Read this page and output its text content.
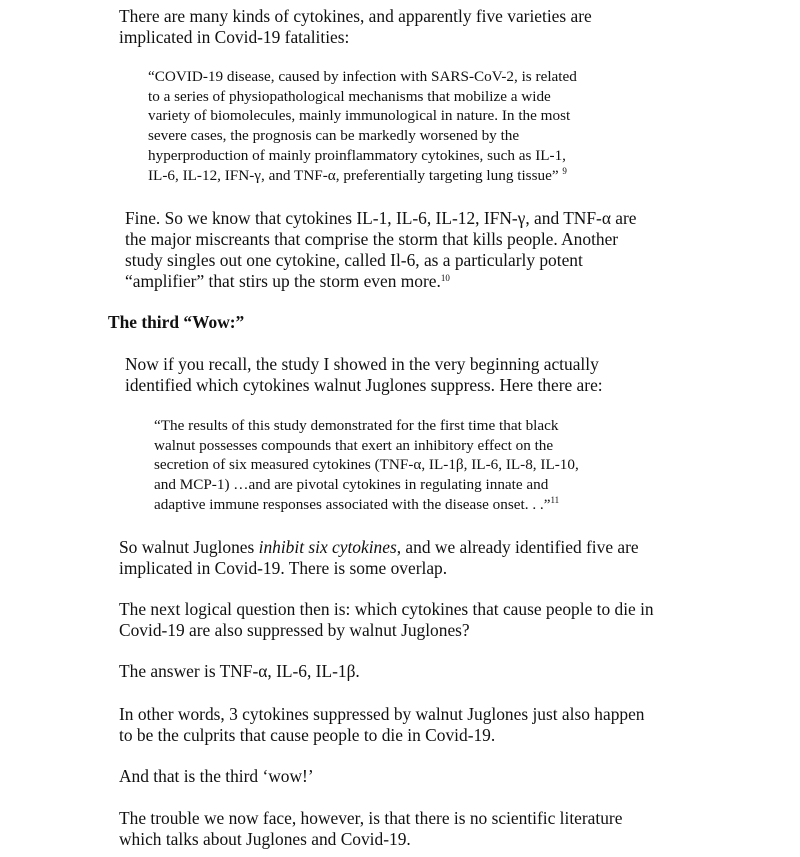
There are many kinds of cytokines, and apparently five varieties are
implicated in Covid-19 fatalities:
“COVID-19 disease, caused by infection with SARS-CoV-2, is related
to a series of physiopathological mechanisms that mobilize a wide
variety of biomolecules, mainly immunological in nature. In the most
severe cases, the prognosis can be markedly worsened by the
hyperproduction of mainly proinflammatory cytokines, such as IL-1,
IL-6, IL-12, IFN-γ, and TNF-α, preferentially targeting lung tissue” $^9$
Fine. So we know that cytokines IL-1, IL-6, IL-12, IFN-γ, and TNF-α are
the major miscreants that comprise the storm that kills people. Another
study singles out one cytokine, called Il-6, as a particularly potent
“amplifier” that stirs up the storm even more.$^{10}$
The third “Wow:”
Now if you recall, the study I showed in the very beginning actually
identified which cytokines walnut Juglones suppress. Here there are:
“The results of this study demonstrated for the first time that black
walnut possesses compounds that exert an inhibitory effect on the
secretion of six measured cytokines (TNF-α, IL-1β, IL-6, IL-8, IL-10,
and MCP-1) …and are pivotal cytokines in regulating innate and
adaptive immune responses associated with the disease onset. . .”$^{11}$
So walnut Juglones inhibit six cytokines, and we already identified five are
implicated in Covid-19. There is some overlap.
The next logical question then is: which cytokines that cause people to die in
Covid-19 are also suppressed by walnut Juglones?
The answer is TNF-α, IL-6, IL-1β.
In other words, 3 cytokines suppressed by walnut Juglones just also happen
to be the culprits that cause people to die in Covid-19.
And that is the third ‘wow!’
The trouble we now face, however, is that there is no scientific literature
which talks about Juglones and Covid-19.
